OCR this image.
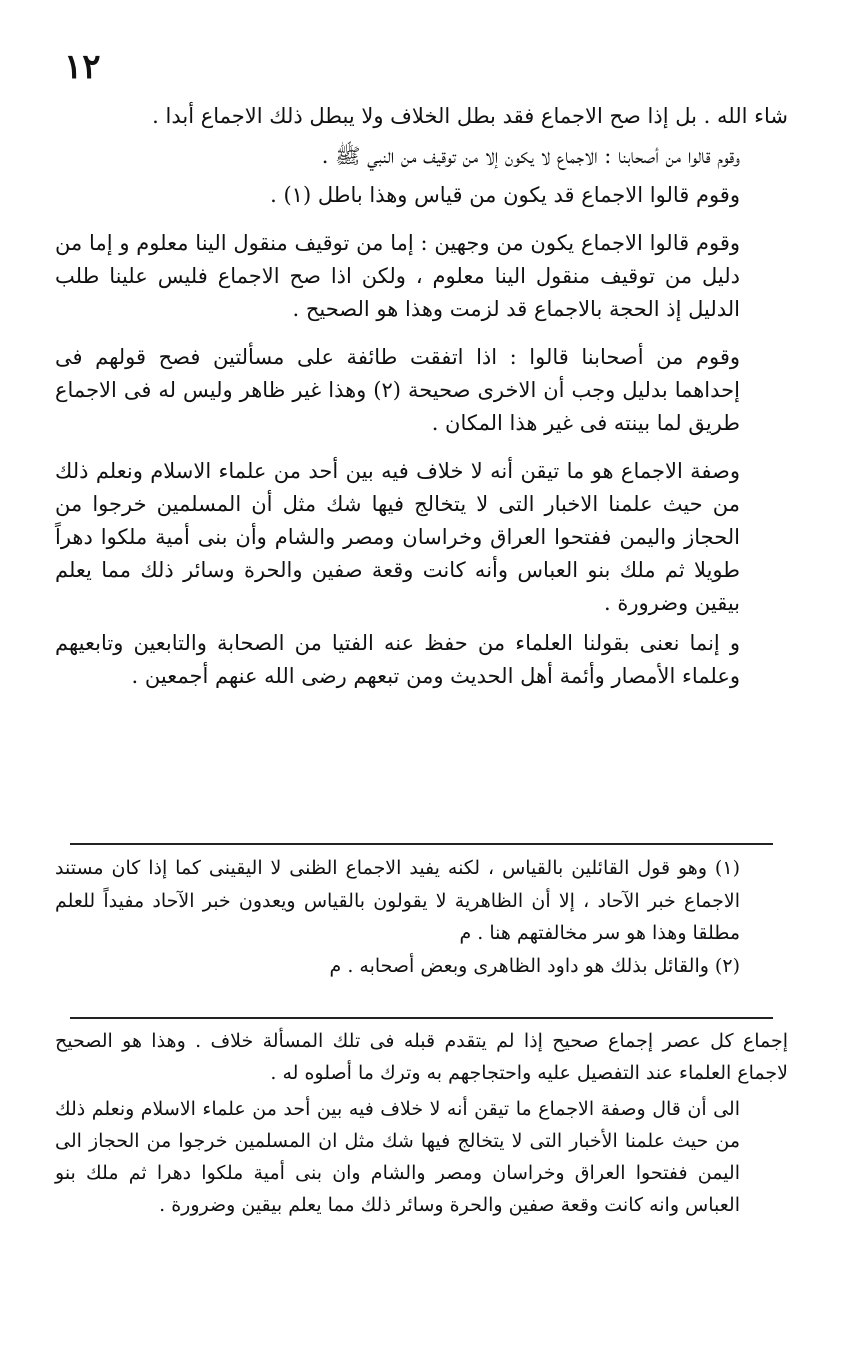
١٢

شاء الله . بل إذا صح الاجماع فقد بطل الخلاف ولا يبطل ذلك الاجماع أبدا .

وقوم قالوا من أصحابنا : الاجماع لا يكون إلا من توقيف من النبي ﷺ .

وقوم قالوا الاجماع قد يكون من قياس وهذا باطل (١) .

وقوم قالوا الاجماع يكون من وجهين : إما من توقيف منقول الينا معلوم و إما من دليل من توقيف منقول الينا معلوم ، ولكن اذا صح الاجماع فليس علينا طلب الدليل إذ الحجة بالاجماع قد لزمت وهذا هو الصحيح .

وقوم من أصحابنا قالوا : اذا اتفقت طائفة على مسألتين فصح قولهم فى إحداهما بدليل وجب أن الاخرى صحيحة (٢) وهذا غير ظاهر وليس له فى الاجماع طريق لما بينته فى غير هذا المكان .

وصفة الاجماع هو ما تيقن أنه لا خلاف فيه بين أحد من علماء الاسلام ونعلم ذلك من حيث علمنا الاخبار التى لا يتخالج فيها شك مثل أن المسلمين خرجوا من الحجاز واليمن ففتحوا العراق وخراسان ومصر والشام وأن بنى أمية ملكوا دهراً طويلا ثم ملك بنو العباس وأنه كانت وقعة صفين والحرة وسائر ذلك مما يعلم بيقين وضرورة .

و إنما نعنى بقولنا العلماء من حفظ عنه الفتيا من الصحابة والتابعين وتابعيهم وعلماء الأمصار وأئمة أهل الحديث ومن تبعهم رضى الله عنهم أجمعين .

(١) وهو قول القائلين بالقياس ، لكنه يفيد الاجماع الظنى لا اليقينى كما إذا كان مستند الاجماع خبر الآحاد ، إلا أن الظاهرية لا يقولون بالقياس ويعدون خبر الآحاد مفيداً للعلم مطلقا وهذا هو سر مخالفتهم هنا . م

(٢) والقائل بذلك هو داود الظاهرى وبعض أصحابه . م

إجماع كل عصر إجماع صحيح إذا لم يتقدم قبله فى تلك المسألة خلاف . وهذا هو الصحيح لاجماع العلماء عند التفصيل عليه واحتجاجهم به وترك ما أصلوه له .

الى أن قال وصفة الاجماع ما تيقن أنه لا خلاف فيه بين أحد من علماء الاسلام ونعلم ذلك من حيث علمنا الأخبار التى لا يتخالج فيها شك مثل ان المسلمين خرجوا من الحجاز الى اليمن ففتحوا العراق وخراسان ومصر والشام وان بنى أمية ملكوا دهرا ثم ملك بنو العباس وانه كانت وقعة صفين والحرة وسائر ذلك مما يعلم بيقين وضرورة .
